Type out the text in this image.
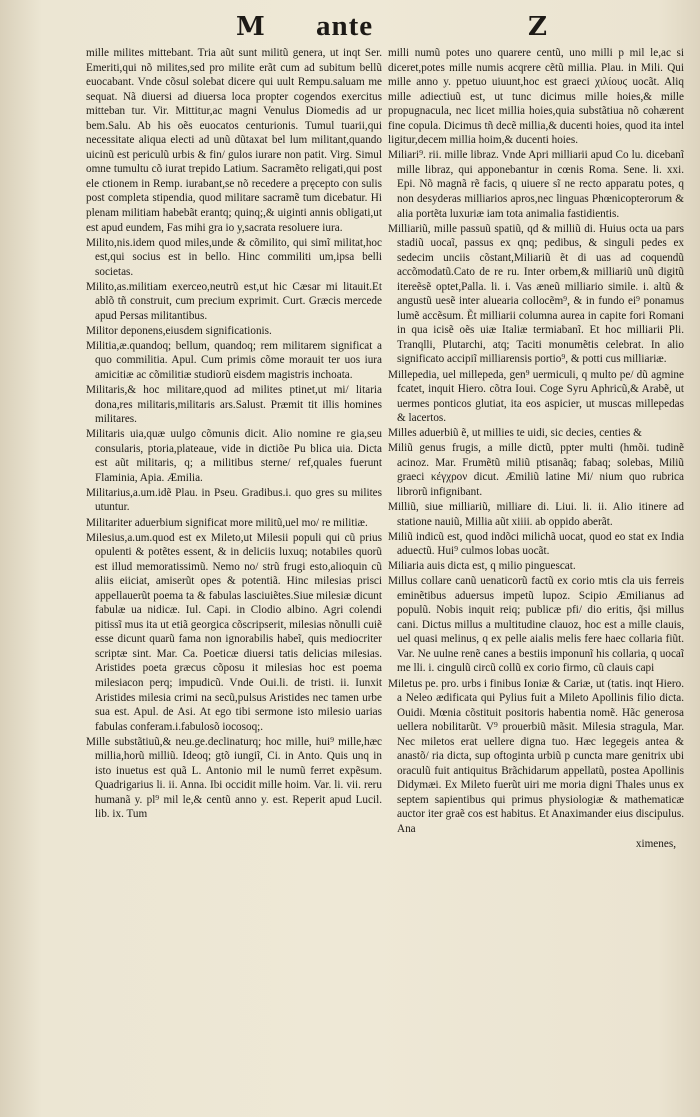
M ante	Z

mille milites mittebant. Tria aũt sunt militũ genera, ut inqt Ser. Emeriti,qui nõ milites,sed pro milite erãt cum ad subitum bellũ euocabant. Vnde cõsul solebat dicere qui uult Rempu.saluam me sequat. Nã diuersi ad diuersa loca propter cogendos exercitus mitteban tur. Vir. Mittitur,ac magni Venulus Diomedis ad ur bem.Salu. Ab his oẽs euocatos centurionis. Tumul tuarii,qui necessitate aliqua electi ad unũ dũtaxat bel lum militant,quando uicinũ est periculũ urbis & fin/ gulos iurare non patit. Virg. Simul omne tumultu cõ iurat trepido Latium. Sacramẽto religati,qui post ele ctionem in Remp. iurabant,se nõ recedere a pręcepto con sulis post completa stipendia, quod militare sacramẽ tum dicebatur. Hi plenam militiam habebãt erantq; quinq;,& uiginti annis obligati,ut est apud eundem, Fas mihi gra io y,sacrata resoluere iura.

Milito,nis.idem quod miles,unde & cõmilito, qui simĩ militat,hoc est,qui socius est in bello. Hinc commiliti um,ipsa belli societas.

Milito,as.militiam exerceo,neutrũ est,ut hic Cæsar mi litauit.Et ablõ tñ construit, cum precium exprimit. Curt. Græcis mercede apud Persas militantibus.

Militor deponens,eiusdem significationis.

Militia,æ.quandoq; bellum, quandoq; rem militarem significat a quo commilitia. Apul. Cum primis cõme morauit ter uos iura amicitiæ ac cõmilitiæ studiorũ eisdem magistris inchoata.

Militaris,& hoc militare,quod ad milites ptinet,ut mi/ litaria dona,res militaris,militaris ars.Salust. Præmit tit illis homines militares.

Militaris uia,quæ uulgo cõmunis dicit. Alio nomine re gia,seu consularis, ptoria,plateaue, vide in dictiõe Pu blica uia. Dicta est aũt militaris, q; a militibus sterne/ ref,quales fuerunt Flaminia, Apia. Æmilia.

Militarius,a.um.idẽ Plau. in Pseu. Gradibus.i. quo gres su milites utuntur.

Militariter aduerbium significat more militũ,uel mo/ re militiæ.

Milesius,a.um.quod est ex Mileto,ut Milesii populi qui cũ prius opulenti & potẽtes essent, & in deliciis luxuq; notabiles quorũ est illud memoratissimũ. Nemo no/ strũ frugi esto,alioquin cũ aliis eiiciat, amiserũt opes & potentiã. Hinc milesias prisci appellauerũt poema ta & fabulas lasciuiẽtes.Siue milesiæ dicunt fabulæ ua nidicæ. Iul. Capi. in Clodio albino. Agri colendi pitissĩ mus ita ut etiã georgica cõscripserit, milesias nõnulli cuiẽ esse dicunt quarũ fama non ignorabilis habeĩ, quis mediocriter scriptæ sint. Mar. Ca. Poeticæ diuersi tatis delicias milesias. Aristides poeta græcus cõposu it milesias hoc est poema milesiacon perq; impudicũ. Vnde Oui.li. de tristi. ii. Iunxit Aristides milesia crimi na secũ,pulsus Aristides nec tamen urbe sua est. Apul. de Asi. At ego tibi sermone isto milesio uarias fabulas conferam.i.fabulosõ iocosoq;.

Mille substãtiuũ,& neu.ge.declinaturq; hoc mille, hui⁹ mille,hæc millia,horũ milliũ. Ideoq; gtõ iungiĩ, Ci. in Anto. Quis unq in isto inuetus est quã L. Antonio mil le numũ ferret expẽsum. Quadrigarius li. ii. Anna. Ibi occidit mille hoim. Var. li. vii. reru humanã y. pl⁹ mil le,& centũ anno y. est. Reperit apud Lucil. lib. ix. Tum

milli numũ potes uno quarere centũ, uno milli p mil le,ac si diceret,potes mille numis acqrere cẽtũ millia. Plau. in Mili. Qui mille anno y. ppetuo uiuunt,hoc est graeci χιλίουϛ uocãt. Aliq mille adiectiuũ est, ut tunc dicimus mille hoies,& mille propugnacula, nec licet millia hoies,quia substãtiua nõ cohærent fine copula. Dicimus tñ decẽ millia,& ducenti hoies, quod ita intel ligitur,decem millia hoim,& ducenti hoies.

Miliari⁹. rii. mille libraz. Vnde Apri milliarii apud Co lu. dicebanĩ mille libraz, qui apponebantur in cœnis Roma. Sene. li. xxi. Epi. Nõ magnã rẽ facis, q uiuere sĩ ne recto apparatu potes, q non desyderas milliarios apros,nec linguas Phœnicopterorum & alia portẽta luxuriæ iam tota animalia fastidientis.

Milliariũ, mille passuũ spatiũ, qd & milliũ di. Huius octa ua pars stadiũ uocaĩ, passus ex qnq; pedibus, & singuli pedes ex sedecim unciis cõstant,Miliariũ ẽt di uas ad coquendũ accõmodatũ.Cato de re ru. Inter orbem,& milliariũ unũ digitũ itereẽsẽ optet,Palla. li. i. Vas æneũ milliario simile. i. altũ & angustũ uesẽ inter aluearia collocẽm⁹, & in fundo ei⁹ ponamus lumẽ accẽsum. Ẽt milliarii columna aurea in capite fori Romani in qua icisẽ oẽs uiæ Italiæ termiabanĩ. Et hoc milliarii Pli. Tranqlli, Plutarchi, atq; Taciti monumẽtis celebrat. In alio significato accipiĩ milliarensis portio⁹, & potti cus milliariæ.

Millepedia, uel millepeda, gen⁹ uermiculi, q multo pe/ dũ agmine fcatet, inquit Hiero. cõtra Ioui. Coge Syru Aphricũ,& Arabẽ, ut uermes ponticos glutiat, ita eos aspicier, ut muscas millepedas & lacertos.

Milles aduerbiũ ẽ, ut millies te uidi, sic decies, centies &

Miliũ genus frugis, a mille dictũ, ppter multi (hmõi. tudinẽ acinoz. Mar. Frumẽtũ miliũ ptisanãq; fabaq; solebas, Miliũ graeci κέγχρον dicut. Æmiliũ latine Mi/ nium quo rubrica librorũ infignibant.

Milliũ, siue milliariũ, milliare di. Liui. li. ii. Alio itinere ad statione nauiũ, Millia aũt xiiii. ab oppido aberãt.

Miliũ indicũ est, quod indõci milichã uocat, quod eo stat ex India aduectũ. Hui⁹ culmos lobas uocãt.

Miliaria auis dicta est, q milio pinguescat.

Millus collare canũ uenaticorũ factũ ex corio mtis cla uis ferreis eminẽtibus aduersus impetũ lupoz. Scipio Æmilianus ad populũ. Nobis inquit reiq; publicæ pfi/ dio eritis, q̃si millus cani. Dictus millus a multitudine clauoz, hoc est a mille clauis, uel quasi melinus, q ex pelle aialis melis fere haec collaria fiũt. Var. Ne uulne renẽ canes a bestiis imponunĩ his collaria, q uocaĩ me lli. i. cingulũ circũ collũ ex corio firmo, cũ clauis capi

Miletus pe. pro. urbs i finibus Ioniæ & Cariæ, ut (tatis. inqt Hiero. a Neleo ædificata qui Pylius fuit a Mileto Apollinis filio dicta. Ouidi. Mœnia cõstituit positoris habentia nomẽ. Hãc generosa uellera nobilitarũt. V⁹ prouerbiũ mãsit. Milesia stragula, Mar. Nec miletos erat uellere digna tuo. Hæc legegeis antea & anastõ/ ria dicta, sup oftoginta urbiũ p cuncta mare genitrix ubi oraculũ fuit antiquitus Brãchidarum appellatũ, postea Apollinis Didymæi. Ex Mileto fuerũt uiri me moria digni Thales unus ex septem sapientibus qui primus physiologiæ & mathematicæ auctor iter graẽ cos est habitus. Et Anaximander eius discipulus. Ana

ximenes,
